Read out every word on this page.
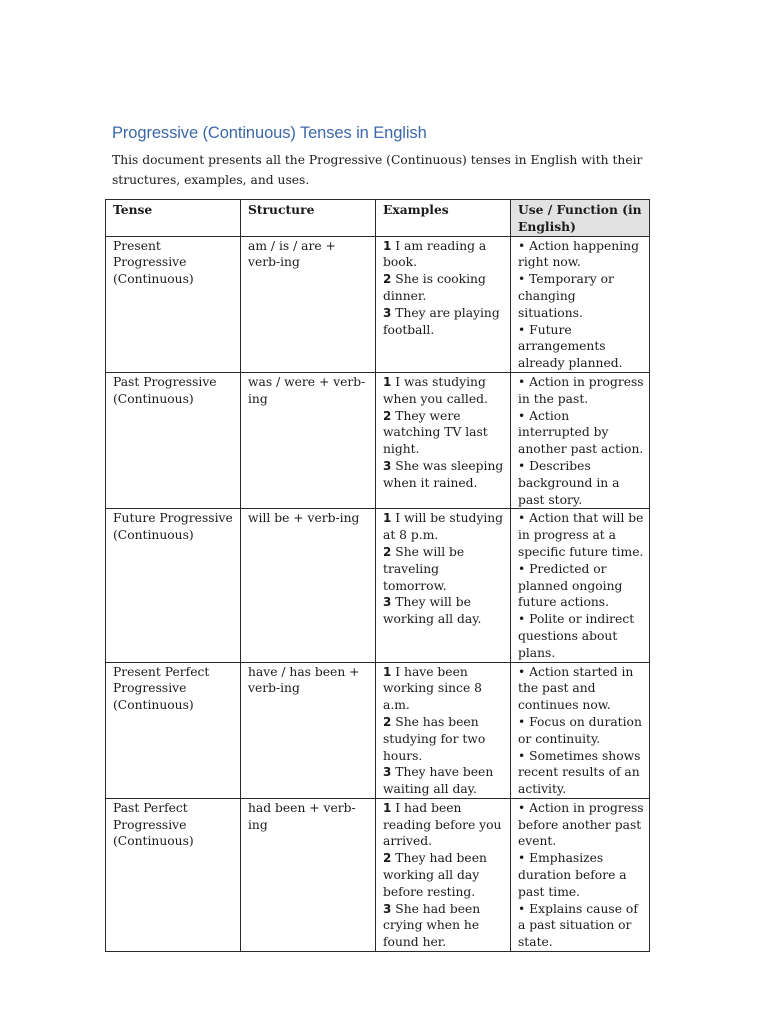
Progressive (Continuous) Tenses in English
This document presents all the Progressive (Continuous) tenses in English with their structures, examples, and uses.
Tense	Structure	Examples	Use / Function (in English)
Present Progressive (Continuous)	am / is / are + verb-ing	1 I am reading a book.
2 She is cooking dinner.
3 They are playing football.	• Action happening right now.
• Temporary or changing situations.
• Future arrangements already planned.

Past Progressive (Continuous)	was / were + verb-ing	1 I was studying when you called.
2 They were watching TV last night.
3 She was sleeping when it rained.	• Action in progress in the past.
• Action interrupted by another past action.
• Describes background in a past story.

Future Progressive (Continuous)	will be + verb-ing	1 I will be studying at 8 p.m.
2 She will be traveling tomorrow.
3 They will be working all day.	• Action that will be in progress at a specific future time.
• Predicted or planned ongoing future actions.
• Polite or indirect questions about plans.

Present Perfect Progressive (Continuous)	have / has been + verb-ing	1 I have been working since 8 a.m.
2 She has been studying for two hours.
3 They have been waiting all day.	• Action started in the past and continues now.
• Focus on duration or continuity.
• Sometimes shows recent results of an activity.

Past Perfect Progressive (Continuous)	had been + verb-ing	1 I had been reading before you arrived.
2 They had been working all day before resting.
3 She had been crying when he found her.	• Action in progress before another past event.
• Emphasizes duration before a past time.
• Explains cause of a past situation or state.
